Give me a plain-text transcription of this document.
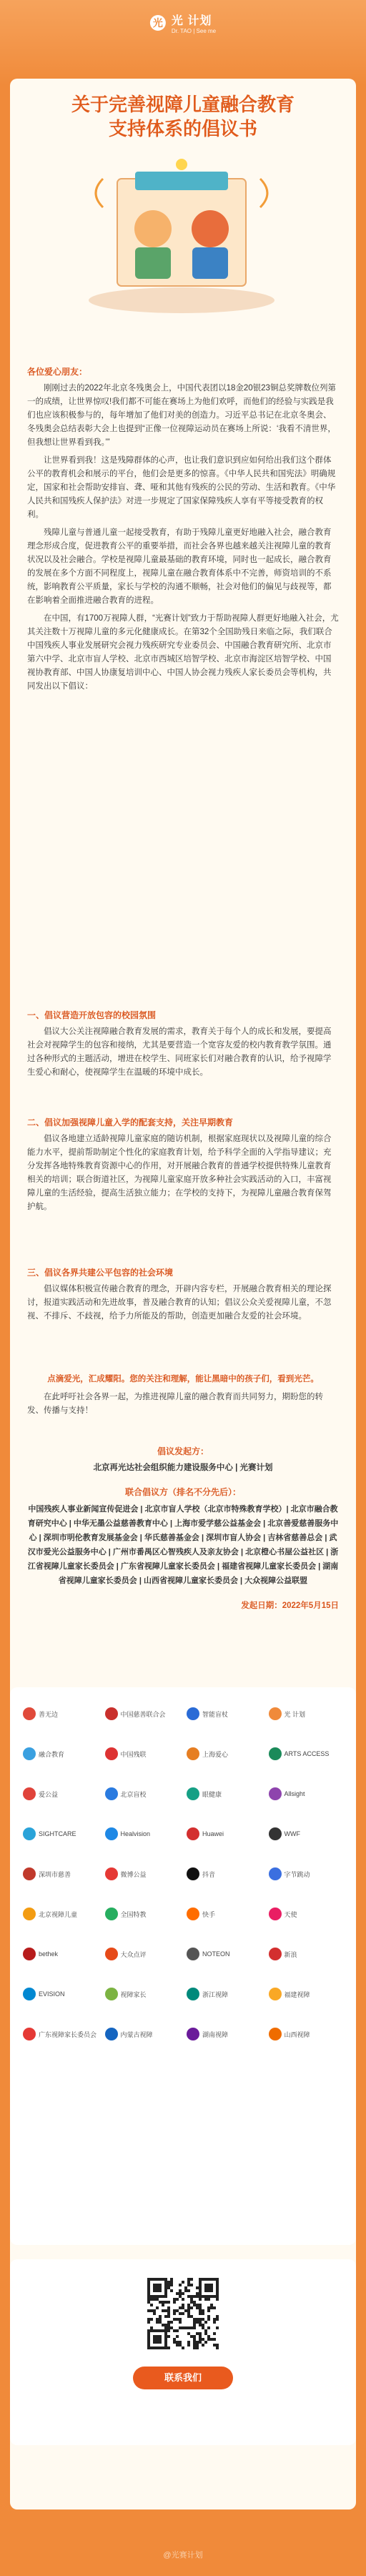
光 光 计划
Dr. TAO | See me
关于完善视障儿童融合教育
支持体系的倡议书
各位爱心朋友：

刚刚过去的2022年北京冬残奥会上，中国代表团以18金20银23铜总奖牌数位列第一的成绩，让世界惊叹!我们都不可能在赛场上为他们欢呼，而他们的经验与实践是我们也应该积极参与的，每年增加了他们对美的创造力。习近平总书记在北京冬奥会、冬残奥会总结表彰大会上也提到“正像一位视障运动员在赛场上所说：‘我看不清世界，但我想让世界看到我。’”

让世界看到我！这是残障群体的心声，也让我们意识到应如何给出我们这个群体公平的教育机会和展示的平台，他们会是更多的惊喜。《中华人民共和国宪法》明确规定，国家和社会帮助安排盲、聋、哑和其他有残疾的公民的劳动、生活和教育。《中华人民共和国残疾人保护法》对进一步规定了国家保障残疾人享有平等接受教育的权利。

残障儿童与普通儿童一起接受教育，有助于残障儿童更好地融入社会，融合教育理念形成合度，促进教育公平的重要举措，而社会各界也越来越关注视障儿童的教育状况以及社会融合。学校是视障儿童最基础的教育环境，同时也一起成长，融合教育的发展在多个方面不同程度上，视障儿童在融合教育体系中不完善，师资培训的不系统，影响教育公平质量，家长与学校的沟通不顺畅，社会对他们的偏见与歧视等，都在影响着全面推进融合教育的进程。

在中国，有1700万视障人群，“光赛计划”致力于帮助视障人群更好地融入社会，尤其关注数十万视障儿童的多元化健康成长。在第32个全国助残日来临之际，我们联合中国残疾人事业发展研究会视力残疾研究专业委员会、中国融合教育研究所、北京市第六中学、北京市盲人学校、北京市西城区培智学校、北京市海淀区培智学校、中国视协教育部、中国人协康复培训中心、中国人协会视力残疾人家长委员会等机构，共同发出以下倡议：

一、倡议营造开放包容的校园氛围

倡议大公关注视障融合教育发展的需求，教育关于每个人的成长和发展，要提高社会对视障学生的包容和接纳，尤其是要营造一个宽容友爱的校内教育教学氛围。通过各种形式的主题活动，增进在校学生、同班家长们对融合教育的认识，给予视障学生爱心和耐心，使视障学生在温暖的环境中成长。

二、倡议加强视障儿童入学的配套支持，关注早期教育

倡议各地建立适龄视障儿童家庭的随访机制，根据家庭现状以及视障儿童的综合能力水平，提前帮助制定个性化的家庭教育计划，给予科学全面的入学指导建议；充分发挥各地特殊教育资源中心的作用，对开展融合教育的普通学校提供特殊儿童教育相关的培训；联合街道社区，为视障儿童家庭开放多种社会实践活动的入口，丰富视障儿童的生活经验，提高生活独立能力；在学校的支持下，为视障儿童融合教育保驾护航。

三、倡议各界共建公平包容的社会环境

倡议媒体积极宣传融合教育的理念，开辟内容专栏，开展融合教育相关的理论探讨，报道实践活动和先进故事，普及融合教育的认知；倡议公众关爱视障儿童，不忽视、不排斥、不歧视，给予力所能及的帮助，创造更加融合友爱的社会环境。

点滴爱光，汇成耀阳。您的关注和理解，能让黑暗中的孩子们，看到光芒。

在此呼吁社会各界一起，为推进视障儿童的融合教育而共同努力，期盼您的转发、传播与支持！

倡议发起方：
北京再光达社会组织能力建设服务中心 | 光赛计划
联合倡议方（排名不分先后）：
中国残疾人事业新闻宣传促进会 | 北京市盲人学校（北京市特殊教育学校）| 北京市融合教育研究中心 | 中华无墨公益慈善教育中心 | 上海市爱学慈公益基金会 | 北京善爱慈善服务中心 | 深圳市明伦教育发展基金会 | 华氏慈善基金会 | 深圳市盲人协会 | 吉林省慈善总会 | 武汉市爱光公益服务中心 | 广州市番禺区心智残疾人及亲友协会 | 北京橙心书屋公益社区 | 浙江省视障儿童家长委员会 | 广东省视障儿童家长委员会 | 福建省视障儿童家长委员会 | 湖南省视障儿童家长委员会 | 山西省视障儿童家长委员会 | 大众视障公益联盟
发起日期：2022年5月15日
善无边	中国慈善联合会	智能盲杖	光 计划
融合教育	中国残联	上海爱心	ARTS ACCESS
爱公益	北京盲校	眼健康	Allsight
SIGHTCARE	Healvision	Huawei	WWF
深圳市慈善	微博公益	抖音	字节跳动
北京视障儿童	全国特教	快手	天使
bethek	大众点评	NOTEON	新浪
EVISION	视障家长	浙江视障	福建视障
广东视障家长委员会	内蒙古视障	湖南视障	山西视障
联系我们
@光赛计划
